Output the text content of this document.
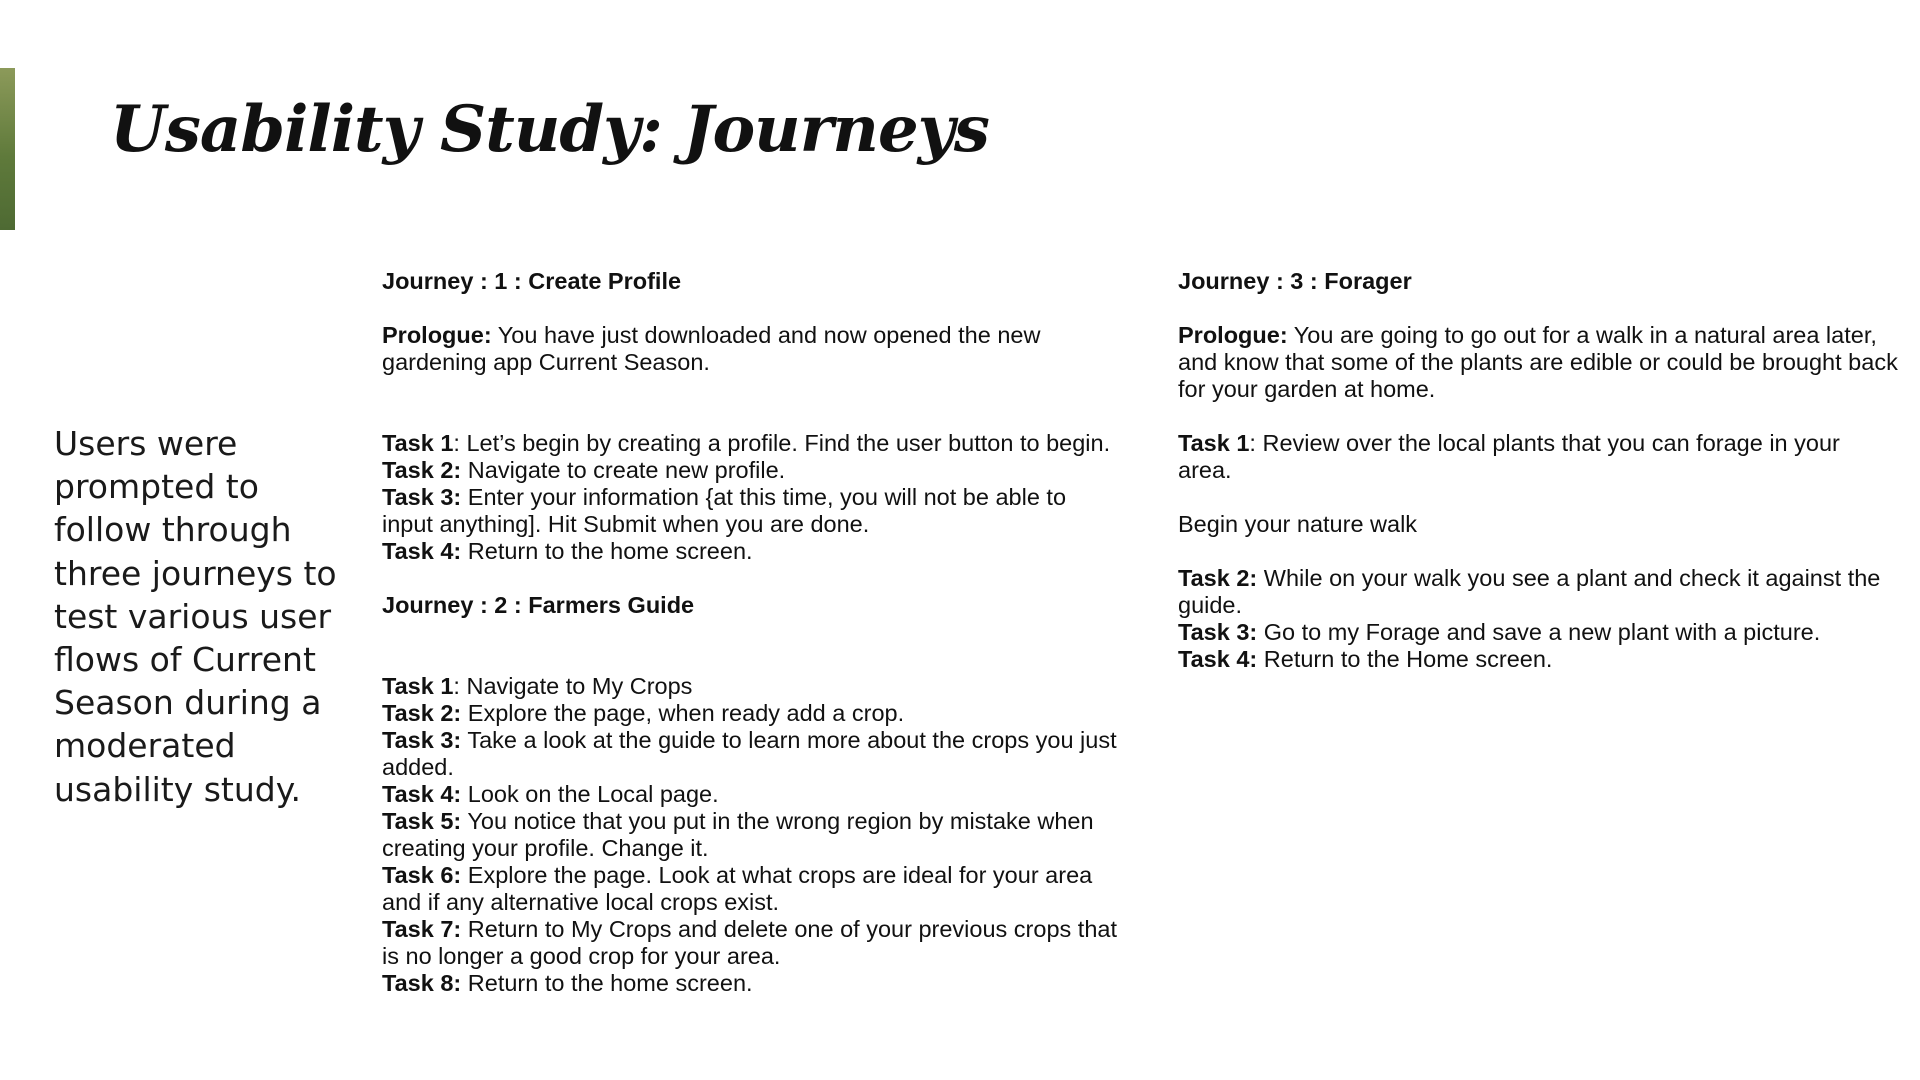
Usability Study: Journeys

Users were prompted to follow through three journeys to test various user flows of Current Season during a moderated usability study.

Journey : 1 : Create Profile

Prologue: You have just downloaded and now opened the new gardening app Current Season.

Task 1: Let’s begin by creating a profile. Find the user button to begin.

Task 2: Navigate to create new profile.

Task 3: Enter your information {at this time, you will not be able to input anything]. Hit Submit when you are done.

Task 4: Return to the home screen.

Journey : 2 : Farmers Guide

Task 1: Navigate to My Crops

Task 2: Explore the page, when ready add a crop.

Task 3: Take a look at the guide to learn more about the crops you just added.

Task 4: Look on the Local page.

Task 5: You notice that you put in the wrong region by mistake when creating your profile. Change it.

Task 6: Explore the page. Look at what crops are ideal for your area and if any alternative local crops exist.

Task 7: Return to My Crops and delete one of your previous crops that is no longer a good crop for your area.

Task 8: Return to the home screen.

Journey : 3 : Forager

Prologue: You are going to go out for a walk in a natural area later, and know that some of the plants are edible or could be brought back for your garden at home.

Task 1: Review over the local plants that you can forage in your area.

Begin your nature walk

Task 2: While on your walk you see a plant and check it against the guide.

Task 3: Go to my Forage and save a new plant with a picture.

Task 4: Return to the Home screen.
